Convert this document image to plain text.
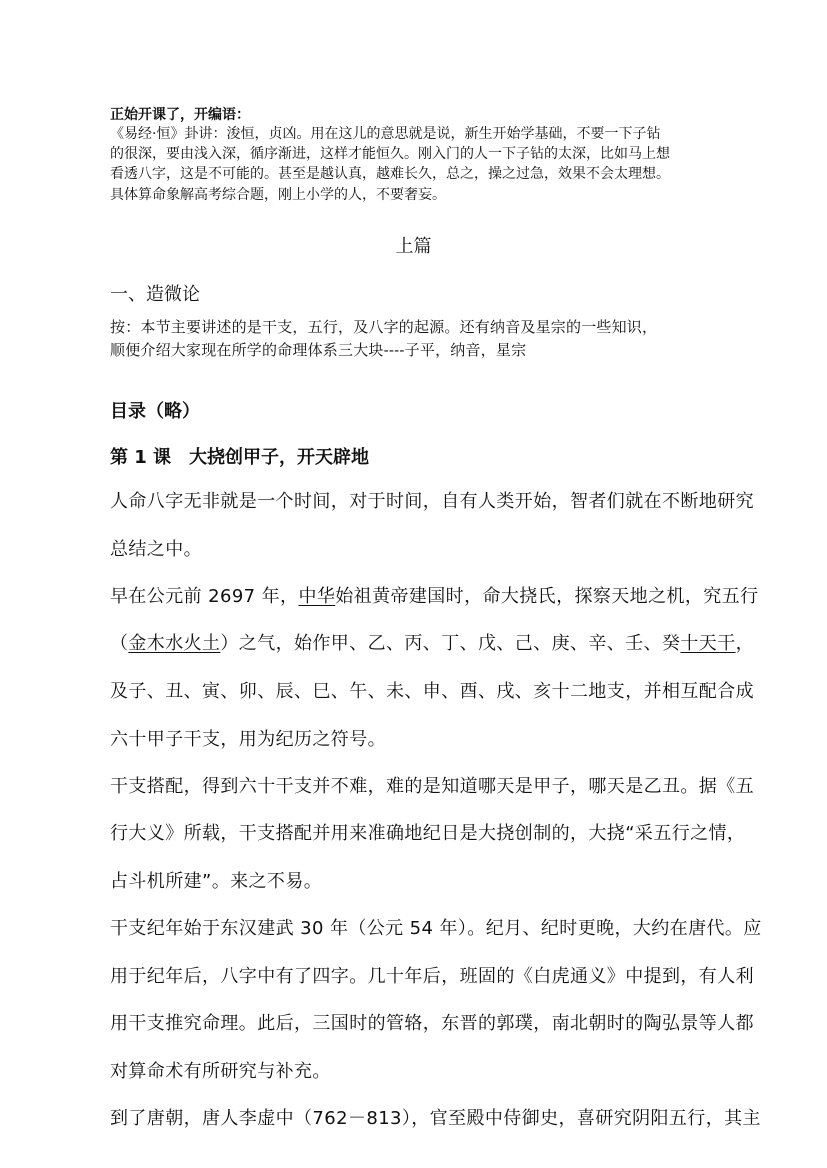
正始开课了，开编语：
《易经·恒》卦讲：浚恒，贞凶。用在这儿的意思就是说，新生开始学基础，不要一下子钻
的很深，要由浅入深，循序渐进，这样才能恒久。刚入门的人一下子钻的太深，比如马上想
看透八字，这是不可能的。甚至是越认真，越难长久，总之，操之过急，效果不会太理想。
具体算命象解高考综合题，刚上小学的人，不要奢妄。
上篇
一、造微论
按：本节主要讲述的是干支，五行，及八字的起源。还有纳音及星宗的一些知识，
顺便介绍大家现在所学的命理体系三大块----子平，纳音，星宗
目录（略）
第 1 课　大挠创甲子，开天辟地
人命八字无非就是一个时间，对于时间，自有人类开始，智者们就在不断地研究
总结之中。
早在公元前 2697 年，中华始祖黄帝建国时，命大挠氏，探察天地之机，究五行
（金木水火土）之气，始作甲、乙、丙、丁、戊、己、庚、辛、壬、癸十天干，
及子、丑、寅、卯、辰、巳、午、未、申、酉、戌、亥十二地支，并相互配合成
六十甲子干支，用为纪历之符号。
干支搭配，得到六十干支并不难，难的是知道哪天是甲子，哪天是乙丑。据《五
行大义》所载，干支搭配并用来准确地纪日是大挠创制的，大挠“采五行之情，
占斗机所建”。来之不易。
干支纪年始于东汉建武 30 年（公元 54 年）。纪月、纪时更晚，大约在唐代。应
用于纪年后，八字中有了四字。几十年后，班固的《白虎通义》中提到，有人利
用干支推究命理。此后，三国时的管辂，东晋的郭璞，南北朝时的陶弘景等人都
对算命术有所研究与补充。
到了唐朝，唐人李虚中（762－813），官至殿中侍御史，喜研究阴阳五行，其主
